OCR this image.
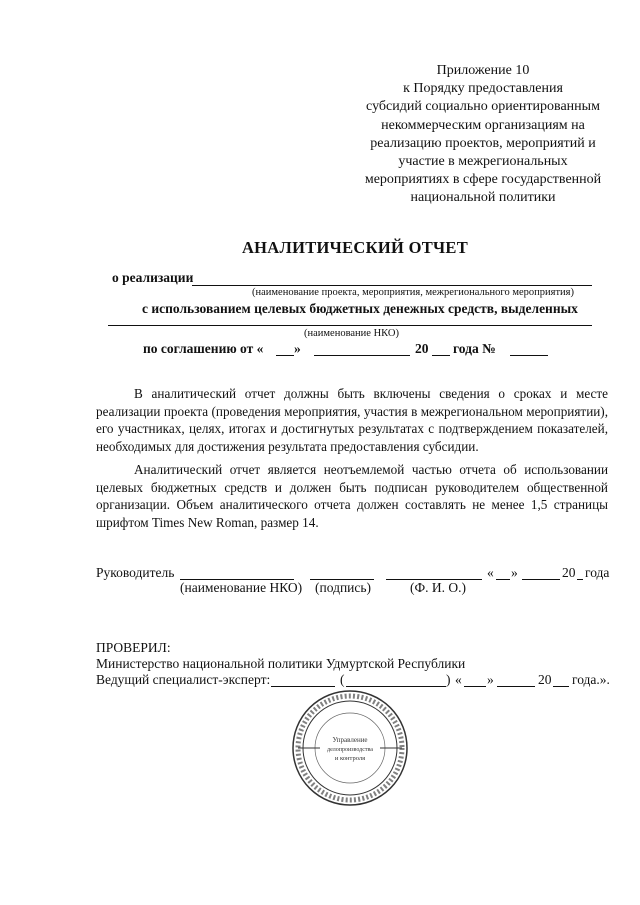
Приложение 10
к Порядку предоставления
субсидий социально ориентированным
некоммерческим организациям на
реализацию проектов, мероприятий и
участие в межрегиональных
мероприятиях в сфере государственной
национальной политики
АНАЛИТИЧЕСКИЙ ОТЧЕТ
о реализации
(наименование проекта, мероприятия, межрегионального мероприятия)
с использованием целевых бюджетных денежных средств, выделенных
(наименование НКО)
по соглашению от « »	20 года №
В аналитический отчет должны быть включены сведения о сроках и месте реализации проекта (проведения мероприятия, участия в межрегиональном мероприятии), его участниках, целях, итогах и достигнутых результатах с подтверждением показателей, необходимых для достижения результата предоставления субсидии.
Аналитический отчет является неотъемлемой частью отчета об использовании целевых бюджетных средств и должен быть подписан руководителем общественной организации. Объем аналитического отчета должен составлять не менее 1,5 страницы шрифтом Times New Roman, размер 14.
Руководитель	« »	20 года
(наименование НКО) (подпись)	(Ф. И. О.)
ПРОВЕРИЛ:
Министерство национальной политики Удмуртской Республики
Ведущий специалист-эксперт:	(	) « »	20 года.».
Управление
делопроизводства
и контроля
